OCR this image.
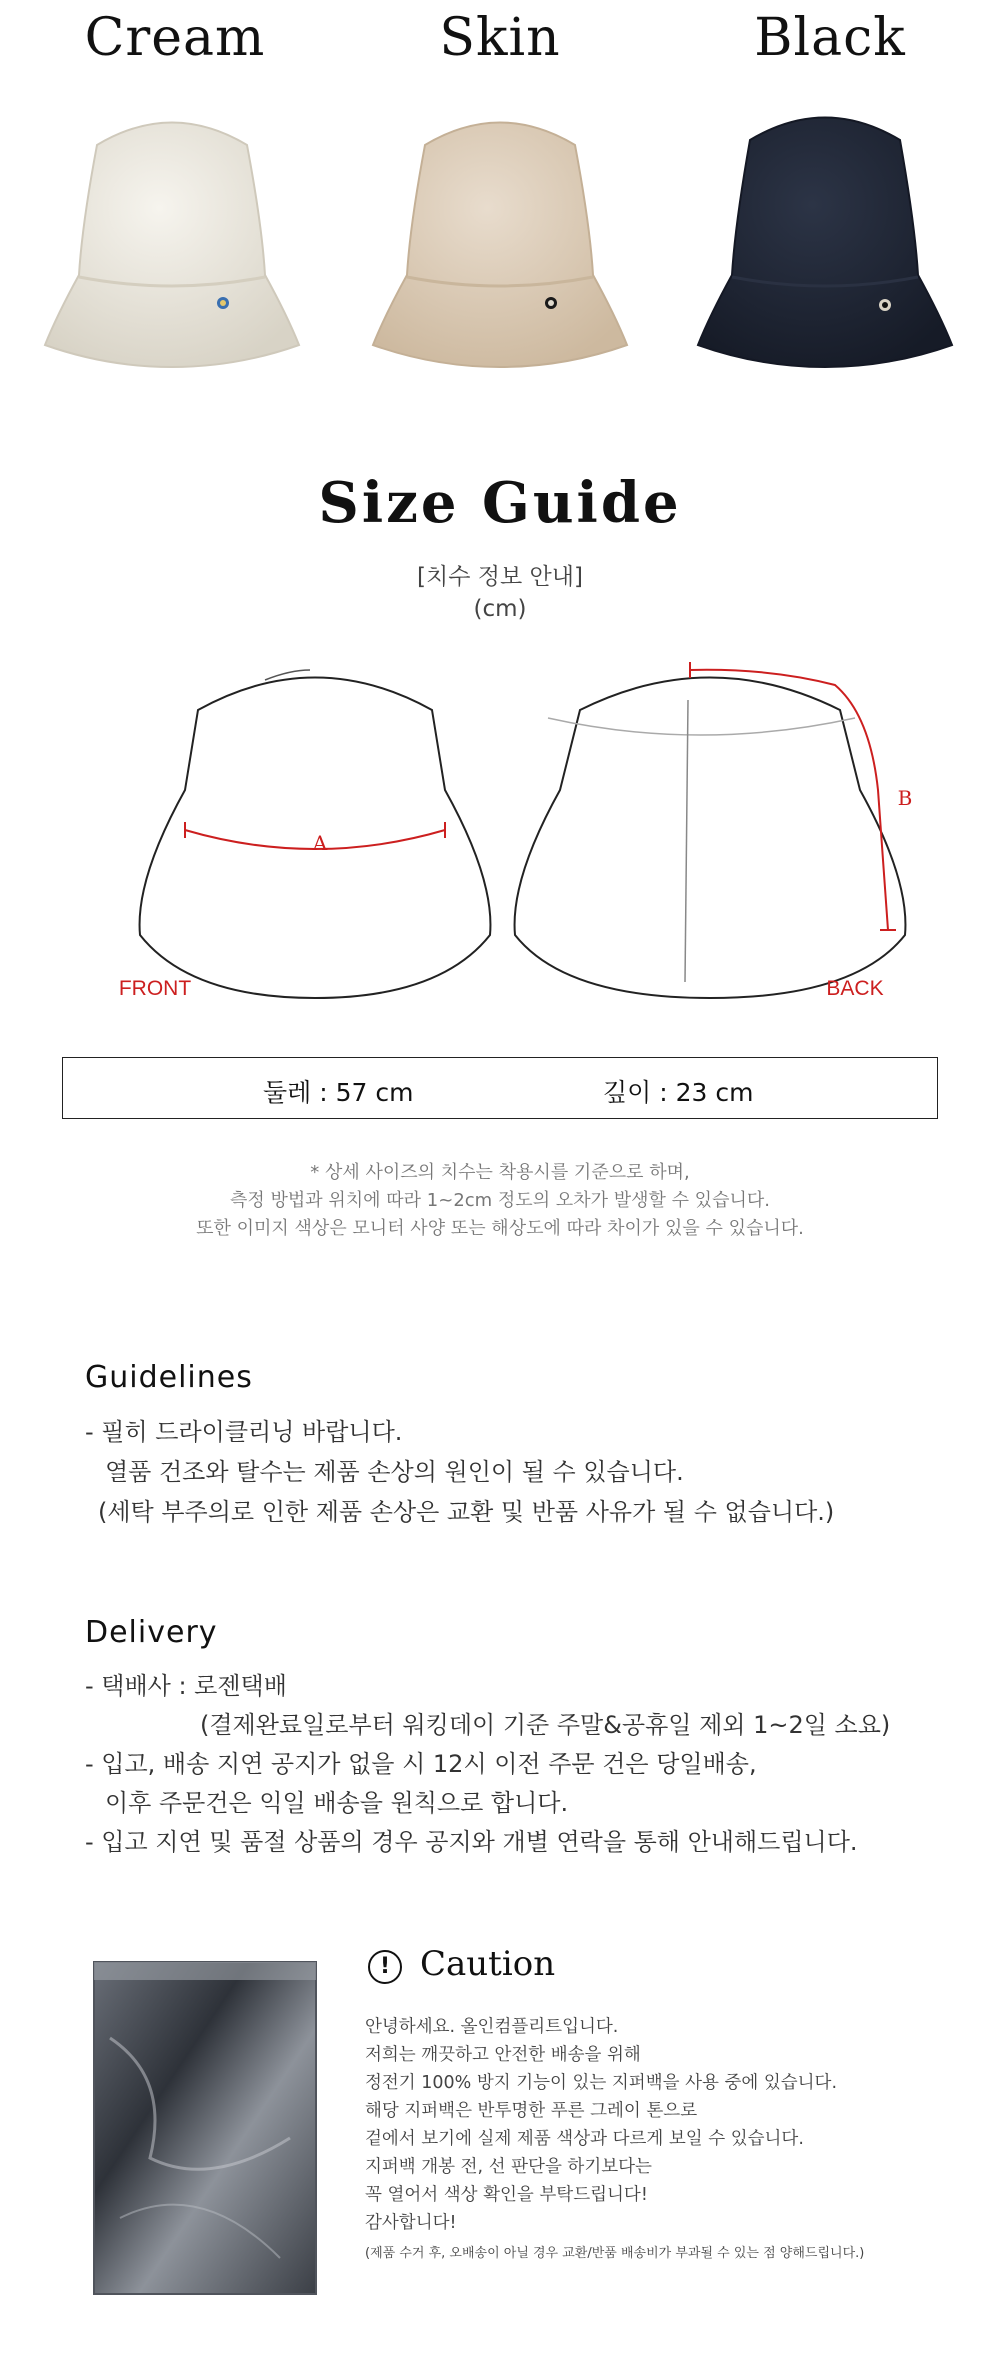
Cream	Skin	Black
Size Guide
[치수 정보 안내]
(cm)
A
FRONT
B
BACK
둘레 : 57 cm	깊이 : 23 cm
* 상세 사이즈의 치수는 착용시를 기준으로 하며,
측정 방법과 위치에 따라 1~2cm 정도의 오차가 발생할 수 있습니다.
또한 이미지 색상은 모니터 사양 또는 해상도에 따라 차이가 있을 수 있습니다.
Guidelines
- 필히 드라이클리닝 바랍니다.
열품 건조와 탈수는 제품 손상의 원인이 될 수 있습니다.
(세탁 부주의로 인한 제품 손상은 교환 및 반품 사유가 될 수 없습니다.)
Delivery
- 택배사 : 로젠택배
(결제완료일로부터 워킹데이 기준 주말&공휴일 제외 1~2일 소요)
- 입고, 배송 지연 공지가 없을 시 12시 이전 주문 건은 당일배송,
이후 주문건은 익일 배송을 원칙으로 합니다.
- 입고 지연 및 품절 상품의 경우 공지와 개별 연락을 통해 안내해드립니다.
! Caution
안녕하세요. 올인컴플리트입니다.
저희는 깨끗하고 안전한 배송을 위해
정전기 100% 방지 기능이 있는 지퍼백을 사용 중에 있습니다.
해당 지퍼백은 반투명한 푸른 그레이 톤으로
겉에서 보기에 실제 제품 색상과 다르게 보일 수 있습니다.
지퍼백 개봉 전, 선 판단을 하기보다는
꼭 열어서 색상 확인을 부탁드립니다!
감사합니다!
(제품 수거 후, 오배송이 아닐 경우 교환/반품 배송비가 부과될 수 있는 점 양해드립니다.)
